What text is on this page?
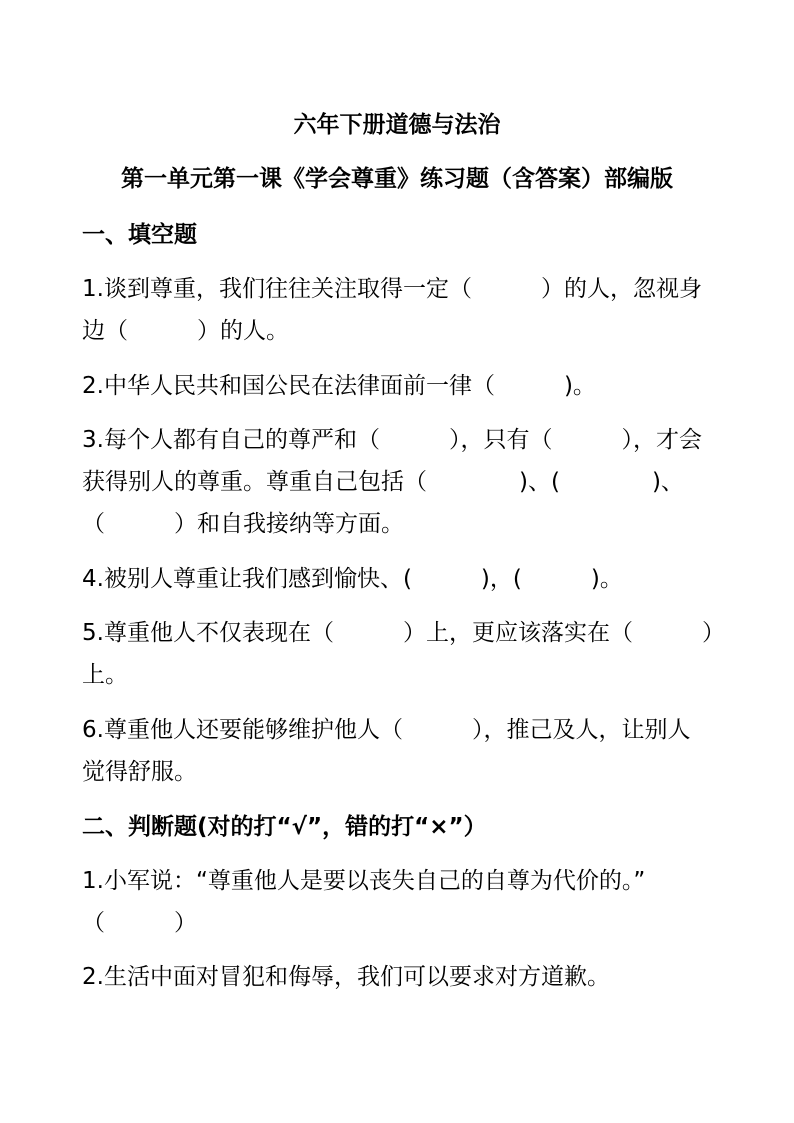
六年下册道德与法治
第一单元第一课《学会尊重》练习题（含答案）部编版
一、填空题
1.谈到尊重，我们往往关注取得一定（　　　）的人，忽视身
边（　　　）的人。
2.中华人民共和国公民在法律面前一律（　　　)。
3.每个人都有自己的尊严和（　　　），只有（　　　），才会
获得别人的尊重。尊重自己包括（　　　　)、(　　　　)、
（　　　）和自我接纳等方面。
4.被别人尊重让我们感到愉快、(　　　)，(　　　)。
5.尊重他人不仅表现在（　　　）上，更应该落实在（　　　）
上。
6.尊重他人还要能够维护他人（　　　），推己及人，让别人
觉得舒服。
二、判断题(对的打“√”，错的打“×”）
1.小军说：“尊重他人是要以丧失自己的自尊为代价的。”
（　　　）
2.生活中面对冒犯和侮辱，我们可以要求对方道歉。
